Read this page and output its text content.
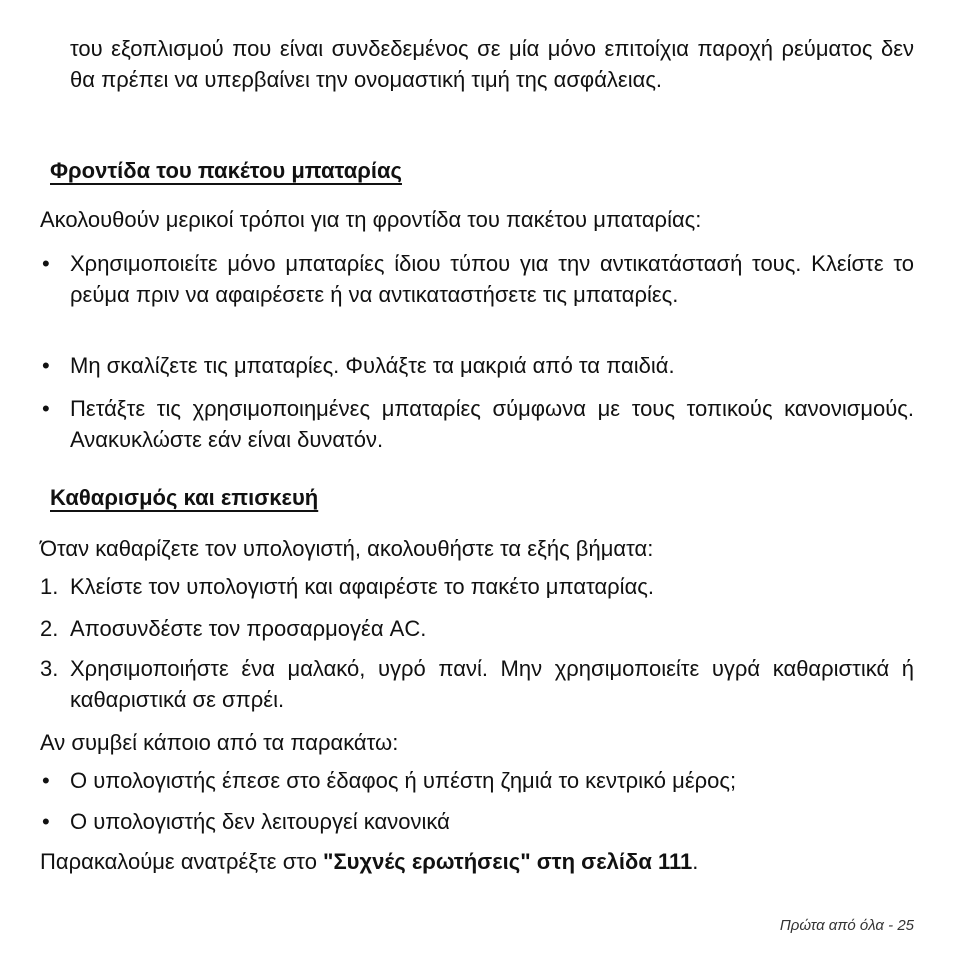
του εξοπλισμού που είναι συνδεδεμένος σε μία μόνο επιτοίχια παροχή ρεύματος δεν θα πρέπει να υπερβαίνει την ονομαστική τιμή της ασφάλειας.
Φροντίδα του πακέτου μπαταρίας
Ακολουθούν μερικοί τρόποι για τη φροντίδα του πακέτου μπαταρίας:
• Χρησιμοποιείτε μόνο μπαταρίες ίδιου τύπου για την αντικατάστασή τους. Κλείστε το ρεύμα πριν να αφαιρέσετε ή να αντικαταστήσετε τις μπαταρίες.
• Μη σκαλίζετε τις μπαταρίες. Φυλάξτε τα μακριά από τα παιδιά.
• Πετάξτε τις χρησιμοποιημένες μπαταρίες σύμφωνα με τους τοπικούς κανονισμούς. Ανακυκλώστε εάν είναι δυνατόν.
Καθαρισμός και επισκευή
Όταν καθαρίζετε τον υπολογιστή, ακολουθήστε τα εξής βήματα:
1. Κλείστε τον υπολογιστή και αφαιρέστε το πακέτο μπαταρίας.
2. Αποσυνδέστε τον προσαρμογέα AC.
3. Χρησιμοποιήστε ένα μαλακό, υγρό πανί. Μην χρησιμοποιείτε υγρά καθαριστικά ή καθαριστικά σε σπρέι.
Αν συμβεί κάποιο από τα παρακάτω:
• Ο υπολογιστής έπεσε στο έδαφος ή υπέστη ζημιά το κεντρικό μέρος;
• Ο υπολογιστής δεν λειτουργεί κανονικά
Παρακαλούμε ανατρέξτε στο "Συχνές ερωτήσεις" στη σελίδα 111.
Πρώτα από όλα - 25
